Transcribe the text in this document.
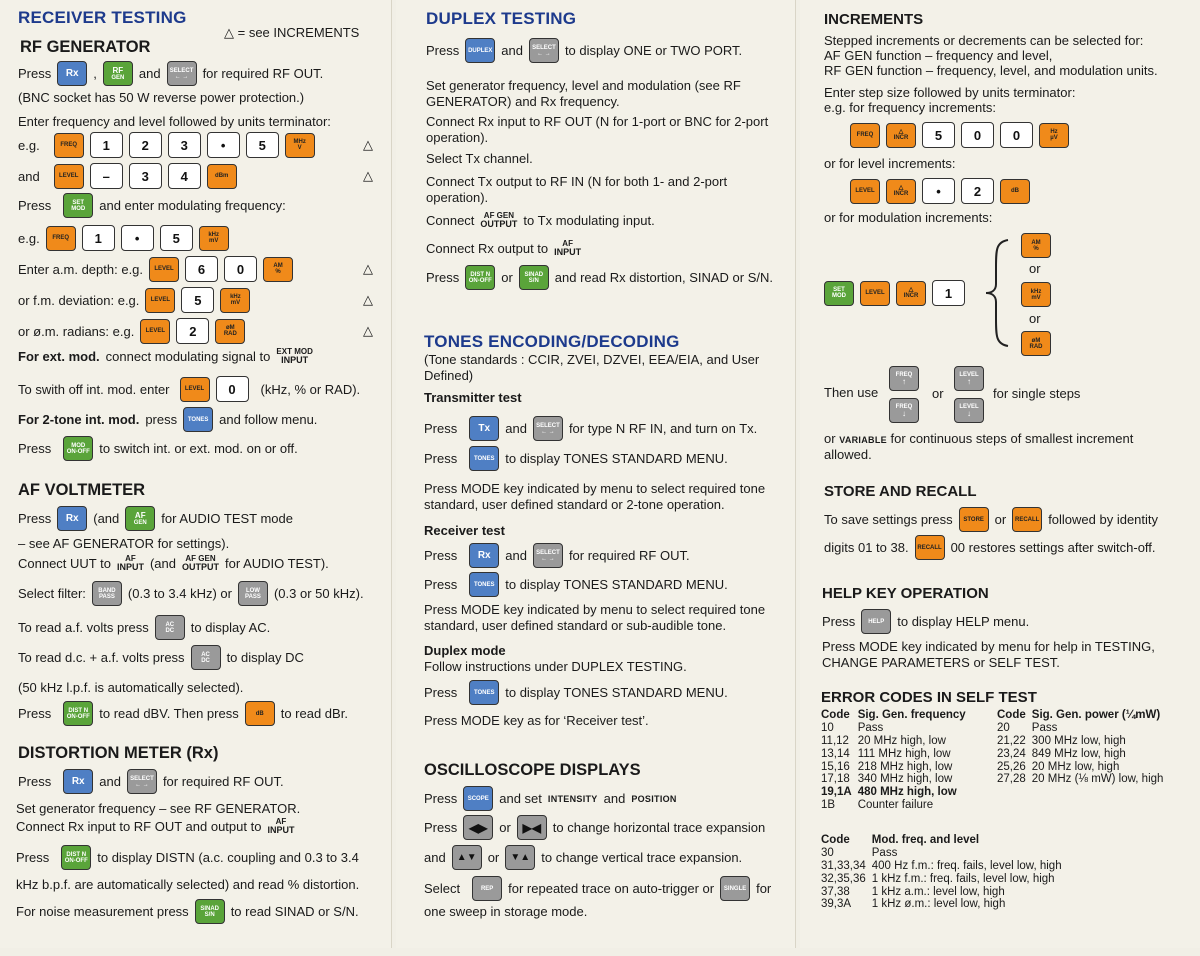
RECEIVER TESTING
△ = see INCREMENTS
RF GENERATOR
Press	Rx	, RF
GEN and SELECT
← → for required RF OUT.
(BNC socket has 50 W reverse power protection.)
Enter frequency and level followed by units terminator:
e.g.	FREQ	1	2	3	•	5	MHz
V	△
and	LEVEL	–	3	4	dBm	△
Press	SET
MOD and enter modulating frequency:
e.g.	FREQ	1	•	5	kHz
mV
Enter a.m. depth: e.g.	LEVEL	6	0	AM
%	△
or f.m. deviation: e.g.	LEVEL	5	kHz
mV	△
or ø.m. radians: e.g.	LEVEL	2	øM
RAD	△
For ext. mod. connect modulating signal to EXT MOD
INPUT
To swith off int. mod. enter	LEVEL	0	(kHz, % or RAD).
For 2-tone int. mod. press	TONES and follow menu.
Press	MOD
ON-OFF to switch int. or ext. mod. on or off.
AF VOLTMETER
Press	Rx	(and AF
GEN for AUDIO TEST mode
– see AF GENERATOR for settings).
Connect UUT to AF
INPUT (and AF GEN
OUTPUT for AUDIO TEST).
Select filter: BAND
PASS (0.3 to 3.4 kHz) or LOW
PASS (0.3 or 50 kHz).
To read a.f. volts press	AC
DC to display AC.
To read d.c. + a.f. volts press	AC
DC to display DC
(50 kHz l.p.f. is automatically selected).
Press	DIST N
ON-OFF to read dBV. Then press	dB	to read dBr.
DISTORTION METER (Rx)
Press	Rx	and SELECT
← → for required RF OUT.
Set generator frequency – see RF GENERATOR.
Connect Rx input to RF OUT and output to AF
INPUT
Press	DIST N
ON-OFF to display DISTN (a.c. coupling and 0.3 to 3.4
kHz b.p.f. are automatically selected) and read % distortion.
For noise measurement press SINAD
S/N to read SINAD or S/N.
DUPLEX TESTING
Press	DUPLEX and SELECT
← → to display ONE or TWO PORT.
Set generator frequency, level and modulation (see RF GENERATOR) and Rx frequency.
Connect Rx input to RF OUT (N for 1-port or BNC for 2-port operation).
Select Tx channel.
Connect Tx output to RF IN (N for both 1- and 2-port operation).
Connect AF GEN
OUTPUT to Tx modulating input.
Connect Rx output to AF
INPUT
Press DIST N
ON-OFF or SINAD
S/N and read Rx distortion, SINAD or S/N.
TONES ENCODING/DECODING
(Tone standards : CCIR, ZVEI, DZVEI, EEA/EIA, and User Defined)
Transmitter test
Press	Tx	and SELECT
← → for type N RF IN, and turn on Tx.
Press	TONES to display TONES STANDARD MENU.
Press MODE key indicated by menu to select required tone standard, user defined standard or 2-tone operation.
Receiver test
Press	Rx	and SELECT
← → for required RF OUT.
Press	TONES to display TONES STANDARD MENU.
Press MODE key indicated by menu to select required tone standard, user defined standard or sub-audible tone.
Duplex mode
Follow instructions under DUPLEX TESTING.
Press	TONES to display TONES STANDARD MENU.
Press MODE key as for ‘Receiver test’.
OSCILLOSCOPE DISPLAYS
Press	SCOPE and set INTENSITY and POSITION
Press ◀▶ or ▶◀ to change horizontal trace expansion
and	▲▼ or	▼▲ to change vertical trace expansion.
Select	REP	for repeated trace on auto-trigger or	SINGLE for
one sweep in storage mode.
INCREMENTS
Stepped increments or decrements can be selected for:
AF GEN function – frequency and level,
RF GEN function – frequency, level, and modulation units.
Enter step size followed by units terminator:
e.g. for frequency increments:
FREQ	△
INCR	5	0	0	Hz
µV
or for level increments:
LEVEL	△
INCR	•	2	dB
or for modulation increments:
SET
MOD	LEVEL	△
INCR	1
AM
%
or
kHz
mV
or
øM
RAD
Then use
FREQ
↑
FREQ
↓
or
LEVEL
↑
LEVEL
↓
for single steps
or VARIABLE for continuous steps of smallest increment allowed.
STORE AND RECALL
To save settings press	STORE or	RECALL followed by identity
digits 01 to 38.	RECALL 00 restores settings after switch-off.
HELP KEY OPERATION
Press	HELP	to display HELP menu.
Press MODE key indicated by menu for help in TESTING, CHANGE PARAMETERS or SELF TEST.
ERROR CODES IN SELF TEST
Code	Sig. Gen. frequency
10	Pass
11,12	20 MHz high, low
13,14	111 MHz high, low
15,16	218 MHz high, low
17,18	340 MHz high, low
19,1A	480 MHz high, low
1B	Counter failure
Code	Sig. Gen. power (¼mW)
20	Pass
21,22	300 MHz low, high
23,24	849 MHz low, high
25,26	20 MHz low, high
27,28	20 MHz (⅛ mW) low, high
Code	Mod. freq. and level
30	Pass
31,33,34	400 Hz f.m.: freq. fails, level low, high
32,35,36	1 kHz f.m.: freq. fails, level low, high
37,38	1 kHz a.m.: level low, high
39,3A	1 kHz ø.m.: level low, high
